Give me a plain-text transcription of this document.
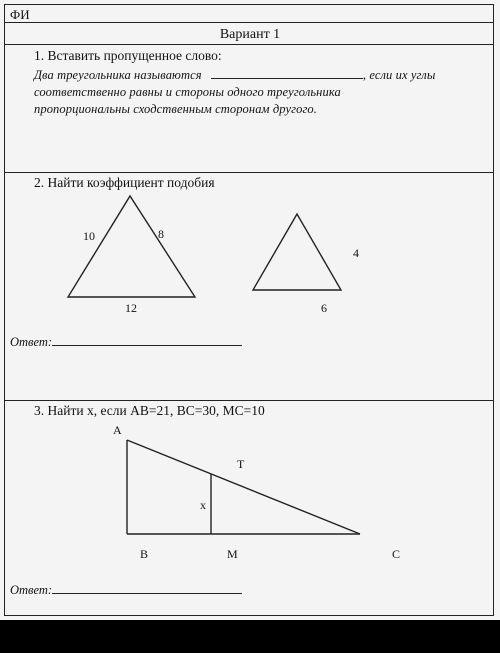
ФИ
Вариант 1
1. Вставить пропущенное слово:
Два треугольника называются	, если их углы
соответственно равны и стороны одного треугольника
пропорциональны сходственным сторонам другого.
2. Найти коэффициент подобия
10	8
12
4
6
A
T
x
B	M	C
Ответ:
3. Найти x, если AB=21, BC=30, MC=10
Ответ:
